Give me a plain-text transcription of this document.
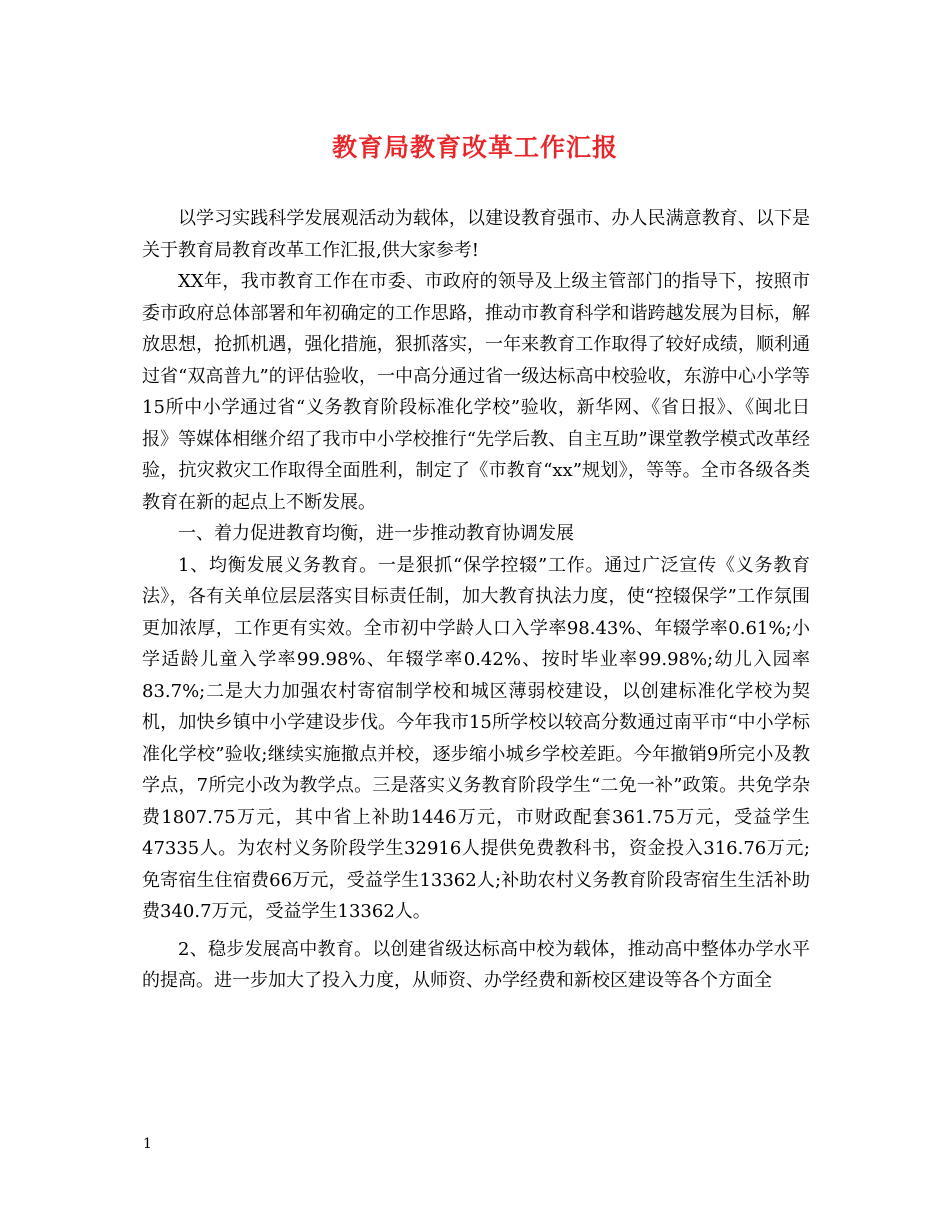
教育局教育改革工作汇报

以学习实践科学发展观活动为载体，以建设教育强市、办人民满意教育、以下是关于教育局教育改革工作汇报,供大家参考!

XX年，我市教育工作在市委、市政府的领导及上级主管部门的指导下，按照市委市政府总体部署和年初确定的工作思路，推动市教育科学和谐跨越发展为目标，解放思想，抢抓机遇，强化措施，狠抓落实，一年来教育工作取得了较好成绩，顺利通过省“双高普九”的评估验收，一中高分通过省一级达标高中校验收，东游中心小学等15所中小学通过省“义务教育阶段标准化学校”验收，新华网、《省日报》、《闽北日报》等媒体相继介绍了我市中小学校推行“先学后教、自主互助”课堂教学模式改革经验，抗灾救灾工作取得全面胜利，制定了《市教育“xx”规划》，等等。全市各级各类教育在新的起点上不断发展。

一、着力促进教育均衡，进一步推动教育协调发展

1、均衡发展义务教育。一是狠抓“保学控辍”工作。通过广泛宣传《义务教育法》，各有关单位层层落实目标责任制，加大教育执法力度，使“控辍保学”工作氛围更加浓厚，工作更有实效。全市初中学龄人口入学率98.43%、年辍学率0.61%;小学适龄儿童入学率99.98%、年辍学率0.42%、按时毕业率99.98%;幼儿入园率83.7%;二是大力加强农村寄宿制学校和城区薄弱校建设，以创建标准化学校为契机，加快乡镇中小学建设步伐。今年我市15所学校以较高分数通过南平市“中小学标准化学校”验收;继续实施撤点并校，逐步缩小城乡学校差距。今年撤销9所完小及教学点，7所完小改为教学点。三是落实义务教育阶段学生“二免一补”政策。共免学杂费1807.75万元，其中省上补助1446万元，市财政配套361.75万元，受益学生47335人。为农村义务阶段学生32916人提供免费教科书，资金投入316.76万元;免寄宿生住宿费66万元，受益学生13362人;补助农村义务教育阶段寄宿生生活补助费340.7万元，受益学生13362人。

2、稳步发展高中教育。以创建省级达标高中校为载体，推动高中整体办学水平的提高。进一步加大了投入力度，从师资、办学经费和新校区建设等各个方面全

1
